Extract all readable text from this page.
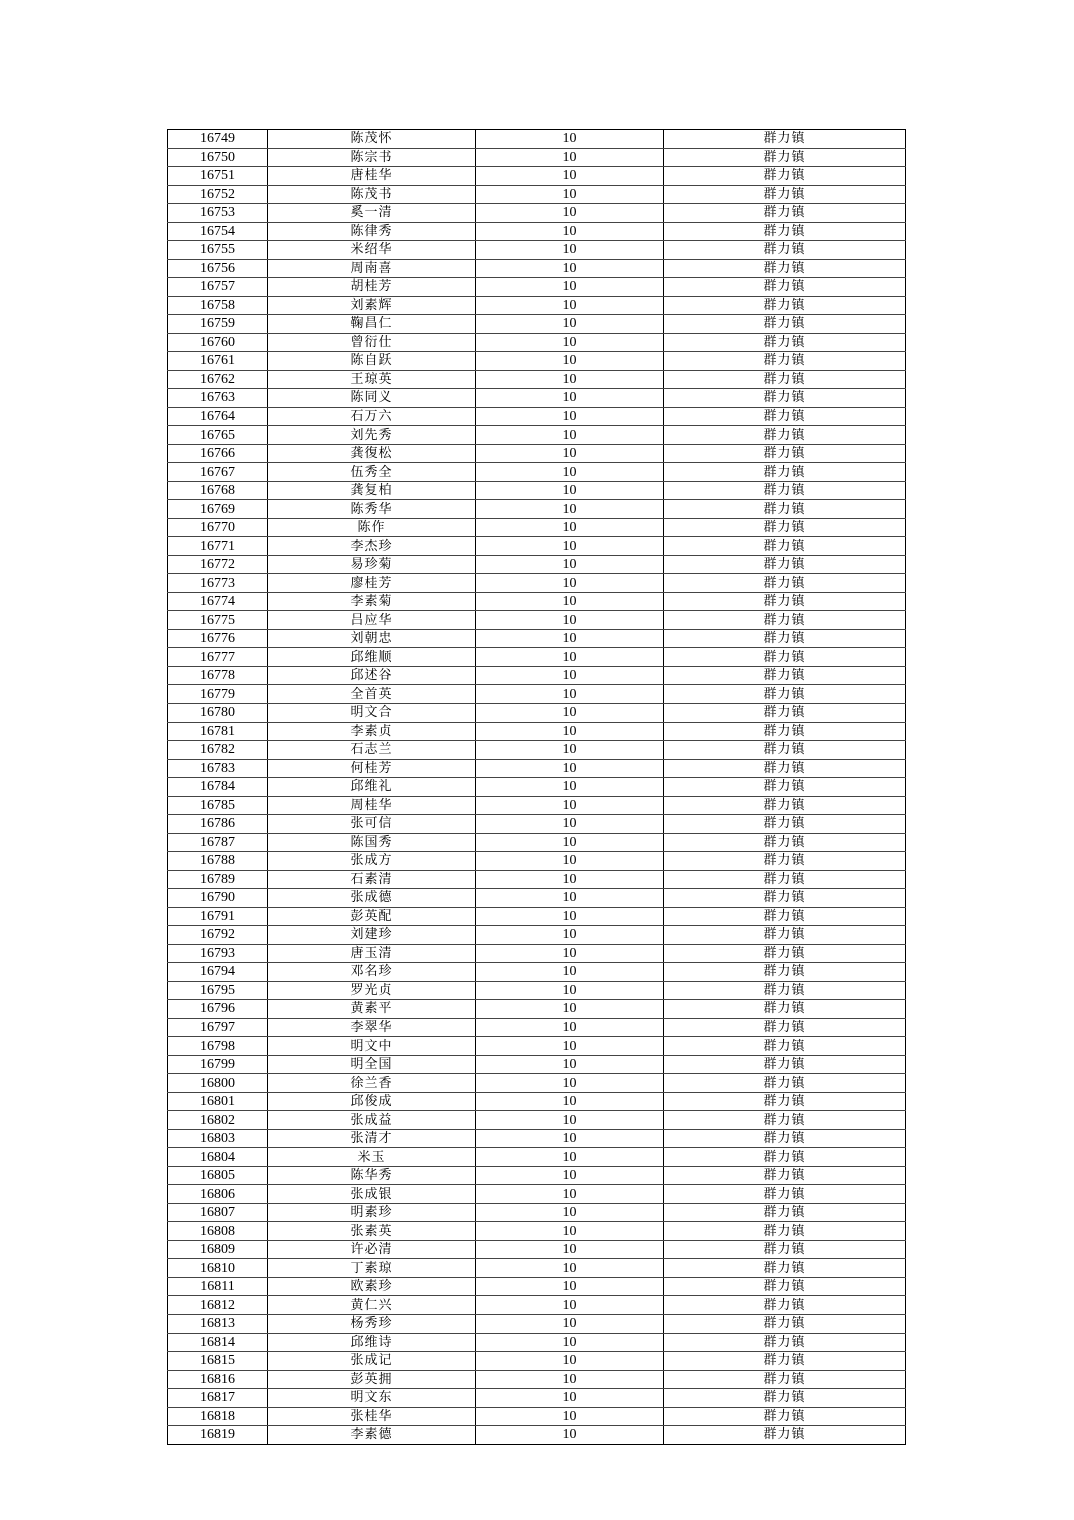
16749	陈茂怀	10	群力镇
16750	陈宗书	10	群力镇
16751	唐桂华	10	群力镇
16752	陈茂书	10	群力镇
16753	奚一清	10	群力镇
16754	陈律秀	10	群力镇
16755	米绍华	10	群力镇
16756	周南喜	10	群力镇
16757	胡桂芳	10	群力镇
16758	刘素辉	10	群力镇
16759	鞠昌仁	10	群力镇
16760	曾衍仕	10	群力镇
16761	陈自跃	10	群力镇
16762	王琼英	10	群力镇
16763	陈同义	10	群力镇
16764	石万六	10	群力镇
16765	刘先秀	10	群力镇
16766	龚復松	10	群力镇
16767	伍秀全	10	群力镇
16768	龚复柏	10	群力镇
16769	陈秀华	10	群力镇
16770	陈作	10	群力镇
16771	李杰珍	10	群力镇
16772	易珍菊	10	群力镇
16773	廖桂芳	10	群力镇
16774	李素菊	10	群力镇
16775	吕应华	10	群力镇
16776	刘朝忠	10	群力镇
16777	邱维顺	10	群力镇
16778	邱述谷	10	群力镇
16779	全首英	10	群力镇
16780	明文合	10	群力镇
16781	李素贞	10	群力镇
16782	石志兰	10	群力镇
16783	何桂芳	10	群力镇
16784	邱维礼	10	群力镇
16785	周桂华	10	群力镇
16786	张可信	10	群力镇
16787	陈国秀	10	群力镇
16788	张成方	10	群力镇
16789	石素清	10	群力镇
16790	张成德	10	群力镇
16791	彭英配	10	群力镇
16792	刘建珍	10	群力镇
16793	唐玉清	10	群力镇
16794	邓名珍	10	群力镇
16795	罗光贞	10	群力镇
16796	黄素平	10	群力镇
16797	李翠华	10	群力镇
16798	明文中	10	群力镇
16799	明全国	10	群力镇
16800	徐兰香	10	群力镇
16801	邱俊成	10	群力镇
16802	张成益	10	群力镇
16803	张清才	10	群力镇
16804	米玉	10	群力镇
16805	陈华秀	10	群力镇
16806	张成银	10	群力镇
16807	明素珍	10	群力镇
16808	张素英	10	群力镇
16809	许必清	10	群力镇
16810	丁素琼	10	群力镇
16811	欧素珍	10	群力镇
16812	黄仁兴	10	群力镇
16813	杨秀珍	10	群力镇
16814	邱维诗	10	群力镇
16815	张成记	10	群力镇
16816	彭英拥	10	群力镇
16817	明文东	10	群力镇
16818	张桂华	10	群力镇
16819	李素德	10	群力镇
